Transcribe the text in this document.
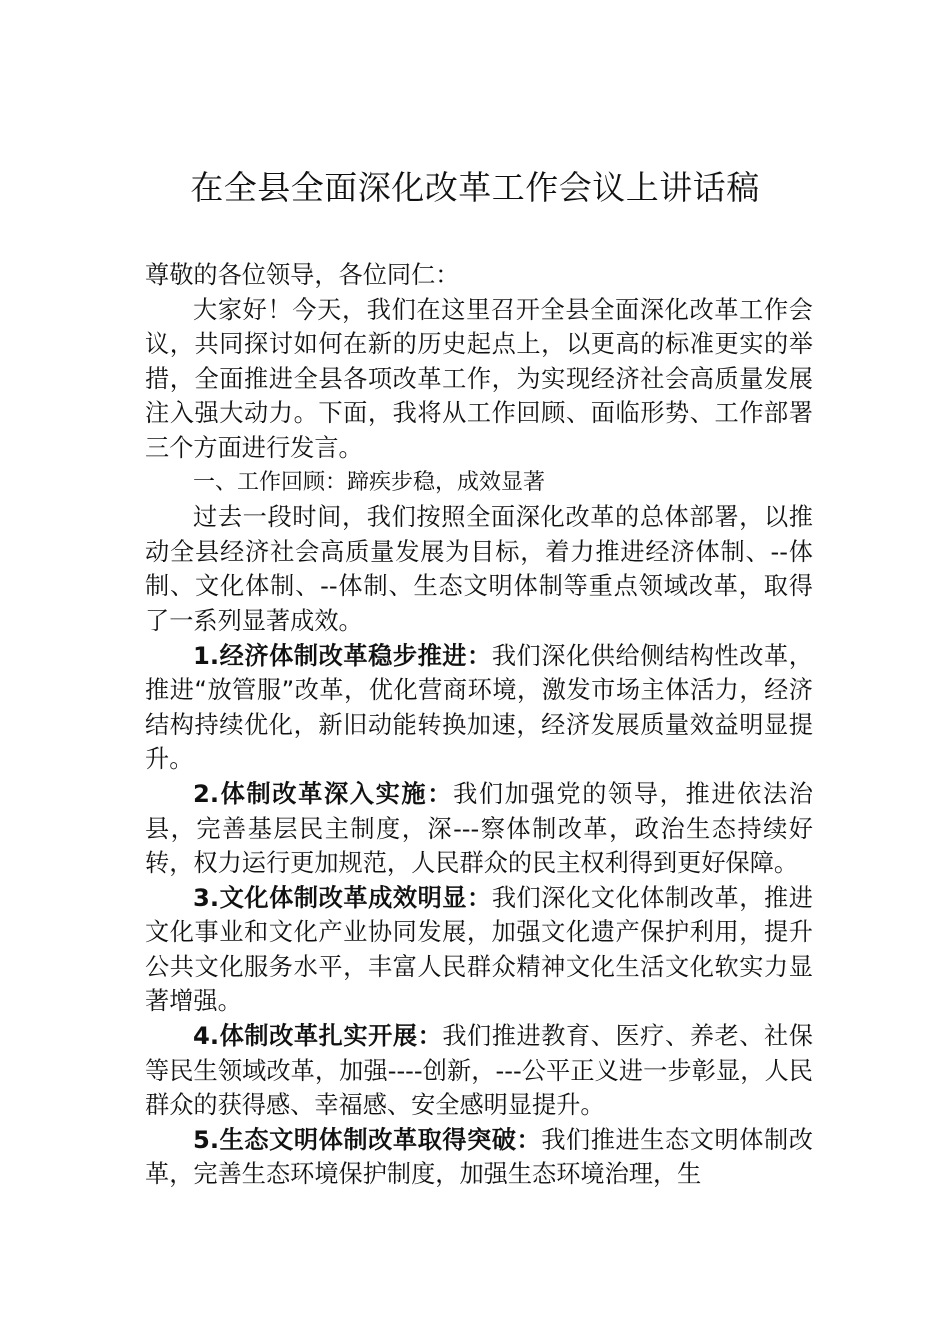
在全县全面深化改革工作会议上讲话稿

尊敬的各位领导，各位同仁：

大家好！今天，我们在这里召开全县全面深化改革工作会议，共同探讨如何在新的历史起点上，以更高的标准更实的举措，全面推进全县各项改革工作，为实现经济社会高质量发展注入强大动力。下面，我将从工作回顾、面临形势、工作部署三个方面进行发言。

一、工作回顾：蹄疾步稳，成效显著

过去一段时间，我们按照全面深化改革的总体部署，以推动全县经济社会高质量发展为目标，着力推进经济体制、--体制、文化体制、--体制、生态文明体制等重点领域改革，取得了一系列显著成效。

1.经济体制改革稳步推进：我们深化供给侧结构性改革，推进“放管服”改革，优化营商环境，激发市场主体活力，经济结构持续优化，新旧动能转换加速，经济发展质量效益明显提升。

2.体制改革深入实施：我们加强党的领导，推进依法治县，完善基层民主制度，深---察体制改革，政治生态持续好转，权力运行更加规范，人民群众的民主权利得到更好保障。

3.文化体制改革成效明显：我们深化文化体制改革，推进文化事业和文化产业协同发展，加强文化遗产保护利用，提升公共文化服务水平，丰富人民群众精神文化生活文化软实力显著增强。

4.体制改革扎实开展：我们推进教育、医疗、养老、社保等民生领域改革，加强----创新，---公平正义进一步彰显，人民群众的获得感、幸福感、安全感明显提升。

5.生态文明体制改革取得突破：我们推进生态文明体制改革，完善生态环境保护制度，加强生态环境治理，生
